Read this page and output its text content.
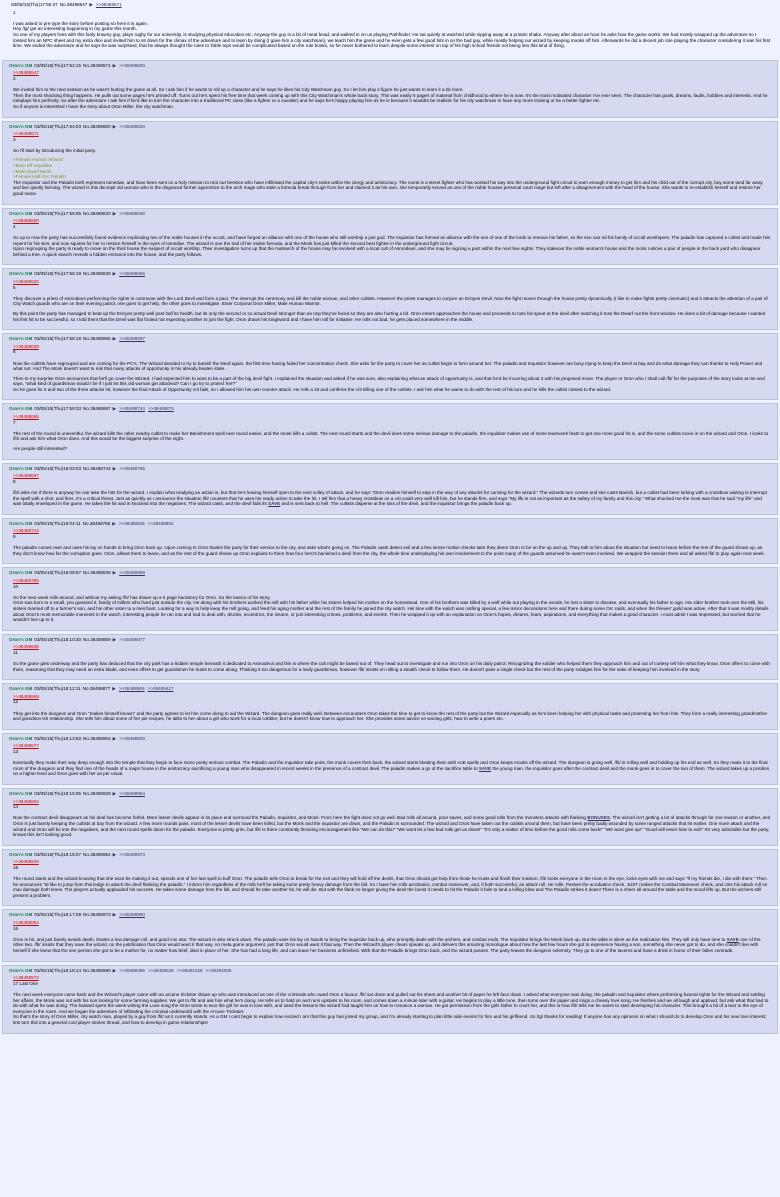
03/05/15(Thu)17:50:37 No.38488547 ▶ >>38488571
1

I was asked to pre type the story before posting so here it is again.
Hey /tg/ got an interesting happening in my game this month.
So one of my players lives with this fairly brawny guy, plays rugby for our university, is studying physical education etc. Anyway the guy is a bit of meat head, and walked in on us playing Pathfinder. He sat quietly at watched while sipping away at a protein shake. Anyway after about an hour he asks how the game works. We had mostly wrapped up the adventure so I tossed him an NPC sheet and my extra dice and invited him to sit down for the climax of the adventure and to learn by doing (I gave him a city watchman), we teach him the game and he even gets a few good hits in on the bad guy, while mostly helping our wizard by keeping mooks off him. Afterwards he did a decent job role playing the character considering it was his first time. We ended the adventure and he says he was surprised, that he always thought the rules to Table tops would be complicated based on the rule books, so he never bothered to learn despite some interest on top of his high school friends not being into this kind of thing.

Oron's GM 03/05/15(Thu)17:52:15 No.38488571 ▶ >>38488600
>>38488547
2

We invited him to the next session as he wasn't hurting the game at all. So I ask him if he wants to roll up a character and he says he likes his City Watchman guy. So I let him play it figure he just wants to learn it a bit more.
Then the most shocking thing happens. He pulls out some pages he's printed off. Turns out he's spent his free time that week coming up with this City Watchman's whole back story. This was easily 5 pages of material from childhood to where he is now. It's the most motivated character I've ever seen. The character has goals, dreams, faults, hobbies and interests. And he roleplays him perfectly. So after the adventure I ask him if he'd like to turn the character into a traditional PC class (like a fighter or a cavalier) and he says he's happy playing him as he is because it wouldnt be realistic for his city watchman to have any more training or be a better fighter etc.
So if anyone is interested I have the story about Oron Miller, the city watchman.

Oron's GM 03/05/15(Thu)17:54:03 No.38488600 ▶ >>38488620
>>38488571
3

So I'll start by introducing the initial party.

>Female Human Wizard
>Male Elf Inquisitor
>Male Dwarf Monk
>Female Half-Orc Paladin

The Inquisitor and the Paladin both represent Iomedae, and have been sent on a holy mission to root out heretics who have infiltrated the capital city's ranks within the clergy and aristocracy. The monk is a street fighter who has worked his way into the underground fight circuit to earn enough money to get him and his child out of the corrupt city, buy some land far away and live quietly farming. The wizard is this decrepit old woman who is the disgraced former apprentice to the arch mage who stole a formula break through from her and claimed it as his own, she temporarily served as one of the noble houses personal court mage but left after a disagreement with the head of the house. She wants to re-establish herself and restore her good name.

Oron's GM 03/05/15(Thu)17:55:05 No.38488620 ▶ >>38488639
>>38488600
4

So up to now the party has successfully found evidence implicating two of the noble houses in the occult, and have forged an alliance with one of the house who still worship a just god. The Inquisitor has formed an alliance with the son of one of the lords to remove his father, so the son can rid his family of occult worshipers. The paladin has captured a cultist and made him repent for his sins, and now squires for her to restore himself in the eyes of Iomedae. The wizard is one the trail of her stolen formula, and the Monk has just killed the second best fighter in the underground fight circuit.
Upon regrouping the party is ready to move on the third house the suspect of occult worship. Their investigation turns up that the matriarch of the house may be involved with a local cult of Asmodeus, and she may be signing a pact within the next few nights. They stakeout the noble woman's house and the monk notices a pair of people in the back yard who disappear behind a tree. A quick search reveals a hidden entrance into the house, and the party follows.

Oron's GM 03/05/15(Thu)17:56:19 No.38488639 ▶ >>38488665
>>38488620
5

They discover a priest of Asmodeus performing the rights to commune with the Lord Devil and form a pact. The interrupt the ceremony and kill the noble woman, and other cultists. However the priest manages to conjure an Erinyes Devil. Now the fight moves through the house pretty dynamically (I like to make fights pretty cinematic) and it attracts the attention of a pair of City Watch guards who are on their evening patrol, one goes to get help, the other goes to investigate. Enter Corporal Oron Miller, Male Human Warrior.

By this point the party has managed to beat up the Erinyes pretty well past half its health, but its only the second or so actual Devil stronger than an Imp they've faced so they are also hurting a bit. Oron enters approaches the house and proceeds to toss his spear at the devil after watching it toss the Dwarf out the front window. He does a bit of damage because I wanted his first hit to be successful, so I told them that the Devil was flat footed not expecting another to join the fight. Oron draws his longsword and I have him roll for initiative. He rolls not bad, he gets placed somewhere in the middle.

Oron's GM 03/05/15(Thu)17:58:18 No.38488665 ▶ >>38488697
>>38488639
6

Now the cultists have regrouped and are coming for the PC's. The Wizard decided to try to banish the Devil again, the first time having failed her concentration check. She asks for the party to cover her as cultist begin to form around her. The paladin and Inquisitor however are busy trying to keep the Devil at bay and do what damage they can thanks to Holy Power and what not. And The Monk doesn't want to risk that many attacks of opportunity in his already beaten state.

Then to my surprise Oron announces that he'll go cover the Wizard. I had expected him to want to be a part of the big devil fight. I explained the situation and asked if he was sure, also explaining what an attack of opportunity is, and that he'd be incurring about 3 with his proposed move. The player or Oron who I shall call /fit/ for the purposes of the story looks at me and says, "what kind of guardsman would I be if I just let this old woman get attacked? Can I go try to protect her?"
So he goes for it and two of the three attacks hit, however the final Attack of Opportunity crit fails, so I allowed him his own counter attack. He rolls a 19 and confirms the crit killing one of the cultists. I ask him what he wants to do with the rest of his turn and he kills the cultist closest to the wizard.

Oron's GM 03/05/15(Thu)17:59:33 No.38488697 ▶ >>38488744 >>38488874
>>38488665
7

The rest of the round is uneventful, the wizard kills the other nearby cultist to make her Banishment spell next round easier, and the monk kills a cultist. The next round starts and the devil does some serious damage to the paladin, the inquisitor makes use of some teamwork feats to get one more good hit in, and the some cultists move in on the wizard and Oron. I looks to /fit/ and ask him what Oron does. And this would be the biggest surprise of the night.

Are people still interested?

Oron's GM 03/05/15(Thu)18:03:03 No.38488744 ▶ >>38488765
>>38488697
8

/fit/ asks me if there is anyway he can take the hits for the wizard. I explain what readying an action is, but that he's leaving himself open to the next volley of attack, and he says "Oron readies himself to step in the way of any attacks for cunning for the wizard." The wizards turn comes and she casts Banish, but a cultist had been lurking with a crossbow waiting to interrupt the spell with a shot, and fires. It's a critical threat. Just as quickly as I announce the situation /fit/ counters that he uses his ready action to take the hit. I tell him that a heavy crossbow on a crit could very well kill him, but he stands firm, and says "My life is not as important as the safety of my family and this city." What shocked me the most was that he said "my life" and was totally enveloped in the game. He takes the hit and is knocked into the negatives. The wizard casts, and the devil fails its SAVE and is sent back to hell. The cultists disperse at the loss of the devil, and the inquisitor brings the paladin back up.

Oron's GM 03/05/15(Thu)18:04:11 No.38488765 ▶ >>38488836 >>38488852
>>38488744
9

The paladin comes over and uses his lay on hands to bring Oron back up. Upon coming to Oron thanks the party for their service to the city, and asks what's going on. The Paladin casts detect evil and a few sense motive checks later they deem Oron to be on the up and up. They talk to him about the situation but need to leave before the rest of the guard shows up, as they don't know how far the corruption goes. Oron, allows them to leave, and as the rest of the guard shows up Oron explains to them how four hero's banished a devil from the city, the whole time underplaying his own involvement to the point many of the guards assumed he wasn't even involved. We wrapped the session there and all asked /fit/ to play again next week.

Oron's GM 03/05/15(Thu)18:08:57 No.38488836 ▶ >>38488859
>>38488765
10

So the next week rolls around, and without my asking /fit/ has drawn up a 5 page backstory for Oron. So the basics of his story.
Oron was born to a small, you guessed it, family of millers who lived just outside the city. He along with his brothers worked the mill with his father while his sisters helped his mother on the homestead. One of his brothers was killed by a wolf while out playing in the woods, he lost a sister to disease, and eventually his father to age. His older brother took over the Mill, his sisters married off to a farmer's son, and his other sister to a merchant. Looking for a way to help keep the mill going, and feed his aging mother and the rest of the family he joined the city watch. His time with the watch was nothing special, a few minor decorations here and there during some Orc raids, and when the thieves' guild was active. After that it was mostly details about Oron's most memorable moments in the watch, interesting people he ran into and had to deal with, drunks, eccentrics, the insane, or just interesting crimes, problems, and events. Then he wrapped it up with an explanation on Oron's hopes, dreams, fears, aspirations, and everything that makes a good character. I must admit I was impressed, but worried that he wouldn't live up to it.

Oron's GM 03/05/15(Thu)18:10:30 No.38488859 ▶ >>38488877
>>38488836
11

So the game gets underway and the party has deduced that the city park has a hidden temple beneath it dedicated to Asmodeus and this is where the cult might be based out of. They head out to investigate and run into Oron on his daily patrol. Recognizing the soldier who helped them they approach him and out of curtesy tell him what they know. Oron offers to come with them, reasoning that they may need an extra blade, and even offers to get guardsmen he trusts to come along. Thinking it too dangerous for a lowly guardsman, however /fit/ insists on rolling a stealth check to follow them. He doesn't pass a single check but the rest of the party indulges him for the sake of keeping him involved in the story.

Oron's GM 03/05/15(Thu)18:12:11 No.38488877 ▶ >>38488904 >>38489417
>>38488859
12

They get into the dungeon and Oron "makes himself known" and the party agrees to let him come along to aid the Wizard. The dungeon goes really well. Between encounters Oron takes the time to get to know the rest of the party but the Wizard especially as he's been helping her with physical tasks and protecting her from hits. They form a really interesting grandmother and grandson ish relationship. She tells him about some of her pie recipes, he talks to her about a girl who work for a local cobbler, but he doesn't know how to approach her. She provides some advice on wooing girls, how to write a poem etc.

Oron's GM 03/05/15(Thu)18:13:50 No.38488904 ▶ >>38488929
>>38488877
13

Eventually they make their way deep enough into the temple that they begin to face some pretty serious combat. The Paladin and the Inquisitor take point, the monk covers their back, the wizard starts blasting them with AoE spells and Oron keeps mooks off the wizard. The dungeon is going well, /fit/ is rolling well and holding up his end as well. So they make it to the final room of the dungeon and they find one of the heads of a major house in the aristocracy sacrificing a young man who disappeared in recent weeks in the presence of a contract devil. The paladin makes a go of the sacrifice table to SAVE the young man, the inquisitor goes after the contract devil and the monk goes in to cover the two of them. The wizard takes up a position on a higher level and Oron goes with her as per usual.

Oron's GM 03/05/15(Thu)18:15:05 No.38488929 ▶ >>38488954
>>38488904
14

Now the contract devil disappears as his deal has become forfeit. More lesser devils appear in its place and surround the Paladin, Inquisitor, and Monk. From here the fight does not go well. Bad rolls all around, poor saves, and some good rolls from the monsters attacks with flanking BONUSES. The wizard isn't getting a lot of attacks through for one reason or another, and Oron is just barely keeping the cultists at bay from the wizard. A few more rounds pass, most of the lesser devils have been killed, but the Monk and the inquisitor are down, and the Paladin is surrounded. The wizard and Oron have taken out the cultists around them, but have been pretty badly wounded by some ranged attacks that hit earlier. One more attack and the wizard and Oron will be into the negatives, and the next round spells doom for the paladin. Everyone is pretty grim, but /fit/ is there constantly throwing encouragement like "We can do this!" "We wont let a few bad rolls get us down!" "It's only a matter of time before the good rolls come back!" "We wont give up!" "Good will never lose to evil!" It's very admirable but the party, knows this isn't looking good.

Oron's GM 03/05/15(Thu)18:16:07 No.38488954 ▶ >>38488973
>>38488929
15

The round starts and the wizard knowing that she wont be making it out, spends one of her last spell to buff Oron. The paladin tells Oron to break for the exit and they will hold off the devils, that Oron should get help from those he trusts and finish their mission. /fit/ looks everyone in the room in the eye, locks eyes with me and says "If my friends die, I die with them." Then he announces "Id like to jump from this ledge to attack the devil flanking the paladin." I inform him regardless of the rolls he'll be taking some pretty heavy damage from the fall. So I have him rolls acrobatics, combat maneuver, and, if both successful, an attack roll. He rolls. Passes the acrobatics check. JUST makes the Combat Maneuver check, and crits his attack roll on max damage both times. The players actually applauded his success. He takes some damage from the fall, and should he take another hit, he will die. But with the flank no longer giving the devil the boost it needs to hit the Paladin it fails to land a killing blow and The Paladin strikes it down! There is a cheer all around the table and the mood lifts up. But the archers still present a problem.

Oron's GM 03/05/15(Thu)18:17:09 No.38488973 ▶ >>38488990
>>38488954
16

Oron is hit, and just barely avoids death, thanks a low damage roll, and good con stat. The wizard is also struck down. The paladin uses his lay on hands to bring the inquisitor back up, who promptly deals with the archers, and combat ends. The Inquisitor brings the Monk back up, But the table is silent as the realization hits. They will only have time to SAVE one of the other two. /fit/ insists that they save the wizard, on the justification that Oron would want it that way, no meta game argument, just that Oron would want it that way. Then the Wizard's player clears speaks up, and delivers this amazing monologue about how the last few hours she got to experience having a son, something she never got to do, and she couldn't live with herself if she knew that the one person she got to be a mother for, no matter how brief, died in place of her. She has had a long life, and can leave her business unfinished. With that the Paladin brings Oron back, and the wizard passes. The party leaves the dungeon solemnly. They go to one of the taverns and have a drink in honor of their fallen comrade.

Oron's GM 03/05/15(Thu)18:18:14 No.38488990 ▶ >>38489469 >>38489526 >>38491628 >>38492055
>>38488973
17 Last One

The next week everyone came back and the Wizard's player came with an arcane trickster drawn up who was introduced as one of the criminals who owed Oron a favour. /fit/ sat down and pulled out his sheet and another bit of paper he left face down. I asked what everyone was doing, the paladin and inquisitor where preforming funeral rights for the Wizard and settling her affairs, the Monk was out with his son looking for some farming supplies. We get to /fit/ and ask him what he's doing. He tells us to hold on and runs upstairs to his room, and comes down a minute later with a guitar. He begins to play a little tune, then turns over the paper and sings a cheesy love song. He finishes and we all laugh and applaud, but ask what that had to do with what he was doing. The bastard spent the week writing the Love song the Oron wrote to woo the girl he was in love with, and used the lessons the wizard had taught him on how to romance a woman. He got permission from the girls father to court her, and this is how /fit/ tells me he wants to start developing his character. This brought a bit of a tear to the eye of everyone in the room. And we began the adventure of infiltrating the criminal underworld with the Arcane Trickster.
So that's the story of Oron Miller, city watch man, played by a guy from /fit/ as it currently stands. As a GM I cant begin to explain how excited I am that this guy has joined my group, and I'm already starting to plan little side events for him and his girlfriend. So /tg/ thanks for reading! If anyone has any opinions on what I should do to develop Oron and his new love interest; lets turn this into a general cool player stories thread, and how to develop in game relationships!
